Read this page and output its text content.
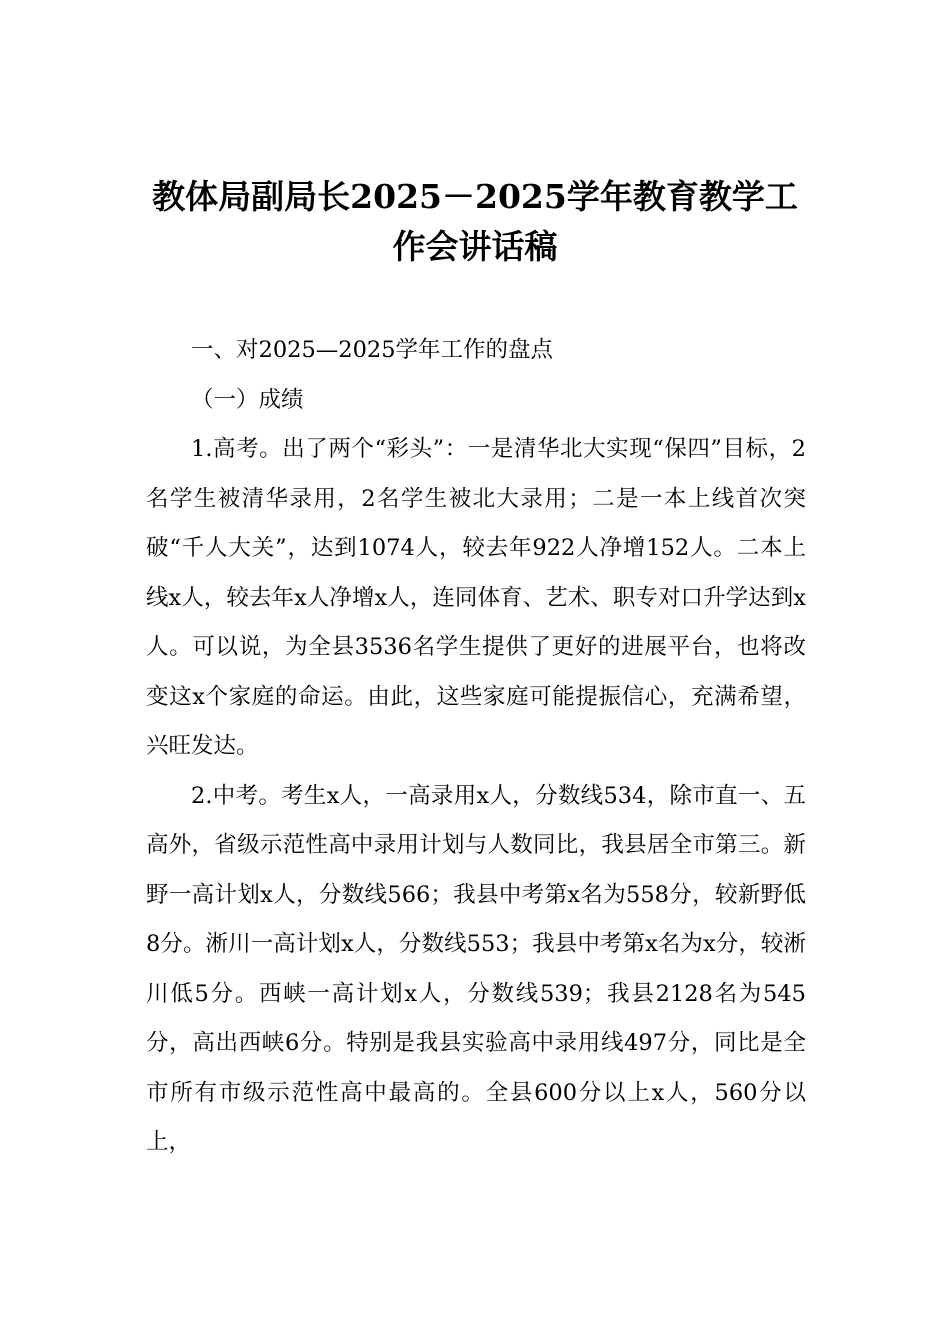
教体局副局长2025－2025学年教育教学工作会讲话稿

一、对2025—2025学年工作的盘点

（一）成绩

1.高考。出了两个“彩头”：一是清华北大实现“保四”目标，2名学生被清华录用，2名学生被北大录用；二是一本上线首次突破“千人大关”，达到1074人，较去年922人净增152人。二本上线x人，较去年x人净增x人，连同体育、艺术、职专对口升学达到x人。可以说，为全县3536名学生提供了更好的进展平台，也将改变这x个家庭的命运。由此，这些家庭可能提振信心，充满希望，兴旺发达。

2.中考。考生x人，一高录用x人，分数线534，除市直一、五高外，省级示范性高中录用计划与人数同比，我县居全市第三。新野一高计划x人，分数线566；我县中考第x名为558分，较新野低8分。淅川一高计划x人，分数线553；我县中考第x名为x分，较淅川低5分。西峡一高计划x人，分数线539；我县2128名为545分，高出西峡6分。特别是我县实验高中录用线497分，同比是全市所有市级示范性高中最高的。全县600分以上x人，560分以上，
